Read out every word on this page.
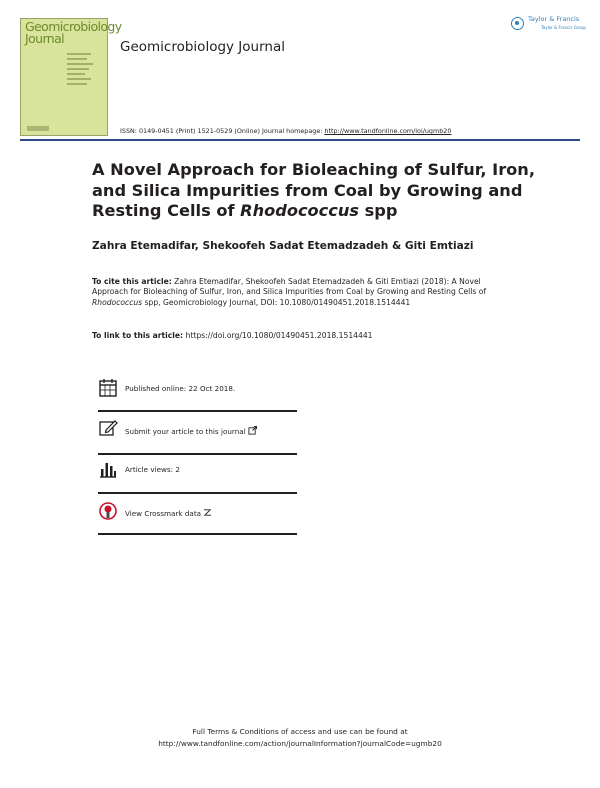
Geomicrobiology
Journal
Geomicrobiology Journal
ISSN: 0149-0451 (Print) 1521-0529 (Online) Journal homepage: http://www.tandfonline.com/loi/ugmb20
Taylor & Francis
Taylor & Francis Group
A Novel Approach for Bioleaching of Sulfur, Iron, and Silica Impurities from Coal by Growing and Resting Cells of Rhodococcus spp
Zahra Etemadifar, Shekoofeh Sadat Etemadzadeh & Giti Emtiazi
To cite this article: Zahra Etemadifar, Shekoofeh Sadat Etemadzadeh & Giti Emtiazi (2018): A Novel Approach for Bioleaching of Sulfur, Iron, and Silica Impurities from Coal by Growing and Resting Cells of Rhodococcus spp, Geomicrobiology Journal, DOI: 10.1080/01490451.2018.1514441
To link to this article: https://doi.org/10.1080/01490451.2018.1514441
Published online: 22 Oct 2018.
Submit your article to this journal
Article views: 2
View Crossmark data
Full Terms & Conditions of access and use can be found at
http://www.tandfonline.com/action/journalInformation?journalCode=ugmb20
